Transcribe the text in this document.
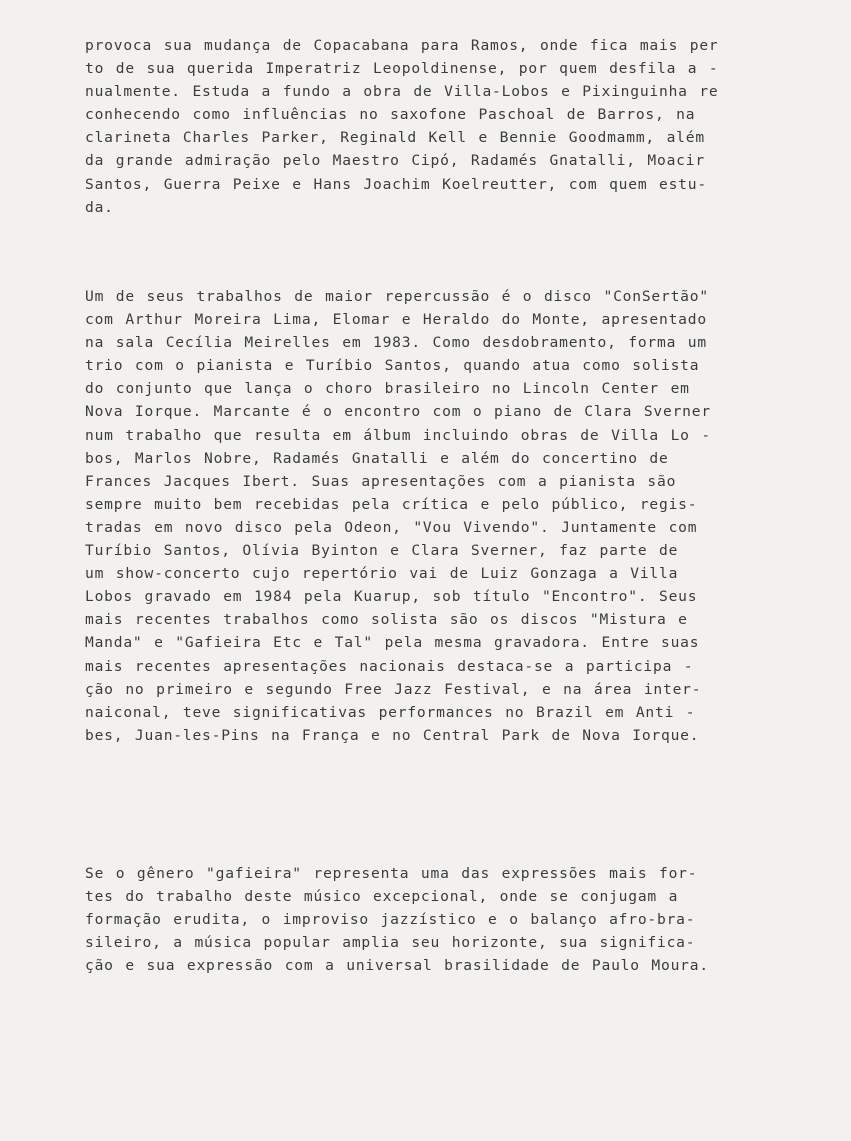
provoca sua mudança de Copacabana para Ramos, onde fica mais per
to de sua querida Imperatriz Leopoldinense, por quem desfila a -
nualmente. Estuda a fundo a obra de Villa-Lobos e Pixinguinha re
conhecendo como influências no saxofone Paschoal de Barros, na
clarineta Charles Parker, Reginald Kell e Bennie Goodmamm, além
da grande admiração pelo Maestro Cipó, Radamés Gnatalli, Moacir
Santos, Guerra Peixe e Hans Joachim Koelreutter, com quem estu-
da.
Um de seus trabalhos de maior repercussão é o disco "ConSertão"
com Arthur Moreira Lima, Elomar e Heraldo do Monte, apresentado
na sala Cecília Meirelles em 1983. Como desdobramento, forma um
trio com o pianista e Turíbio Santos, quando atua como solista
do conjunto que lança o choro brasileiro no Lincoln Center em
Nova Iorque. Marcante é o encontro com o piano de Clara Sverner
num trabalho que resulta em álbum incluindo obras de Villa Lo -
bos, Marlos Nobre, Radamés Gnatalli e além do concertino de
Frances Jacques Ibert. Suas apresentações com a pianista são
sempre muito bem recebidas pela crítica e pelo público, regis-
tradas em novo disco pela Odeon, "Vou Vivendo". Juntamente com
Turíbio Santos, Olívia Byinton e Clara Sverner, faz parte de
um show-concerto cujo repertório vai de Luiz Gonzaga a Villa
Lobos gravado em 1984 pela Kuarup, sob título "Encontro". Seus
mais recentes trabalhos como solista são os discos "Mistura e
Manda" e "Gafieira Etc e Tal" pela mesma gravadora. Entre suas
mais recentes apresentações nacionais destaca-se a participa -
ção no primeiro e segundo Free Jazz Festival, e na área inter-
naiconal, teve significativas performances no Brazil em Anti -
bes, Juan-les-Pins na França e no Central Park de Nova Iorque.
Se o gênero "gafieira" representa uma das expressões mais for-
tes do trabalho deste músico excepcional, onde se conjugam a
formação erudita, o improviso jazzístico e o balanço afro-bra-
sileiro, a música popular amplia seu horizonte, sua significa-
ção e sua expressão com a universal brasilidade de Paulo Moura.
